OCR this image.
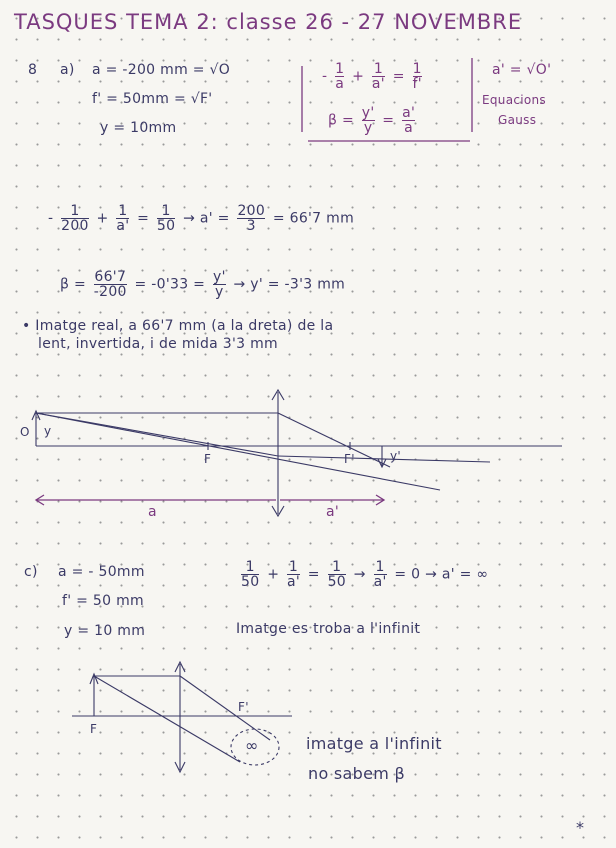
TASQUES TEMA 2: classe 26 - 27 NOVEMBRE
8 a) a = -200 mm = √O
f' = 50mm = √F'
y = 10mm
- $\frac{1}{a} + \frac{1}{a'} = \frac{1}{f'}$
$\beta = \frac{y'}{y} = \frac{a'}{a}$
a' = √O'
Equacions
Gauss
- $\frac{1}{200} + \frac{1}{a'} = \frac{1}{50} \to a' = \frac{200}{3} = 66'7$ mm
$\beta = \frac{66'7}{-200} = -0'33 = \frac{y'}{y} \to y' = -3'3$ mm
• Imatge real, a 66'7 mm (a la dreta) de la
lent, invertida, i de mida 3'3 mm
O y
F	F'	y'
a	a'
c) a = - 50mm
f' = 50 mm
y = 10 mm
$\frac{1}{50} + \frac{1}{a'} = \frac{1}{50} \to \frac{1}{a'} = 0 \to a'$ = ∞
Imatge es troba a l'infinit
F
F'
∞	imatge a l'infinit
no sabem β
*
